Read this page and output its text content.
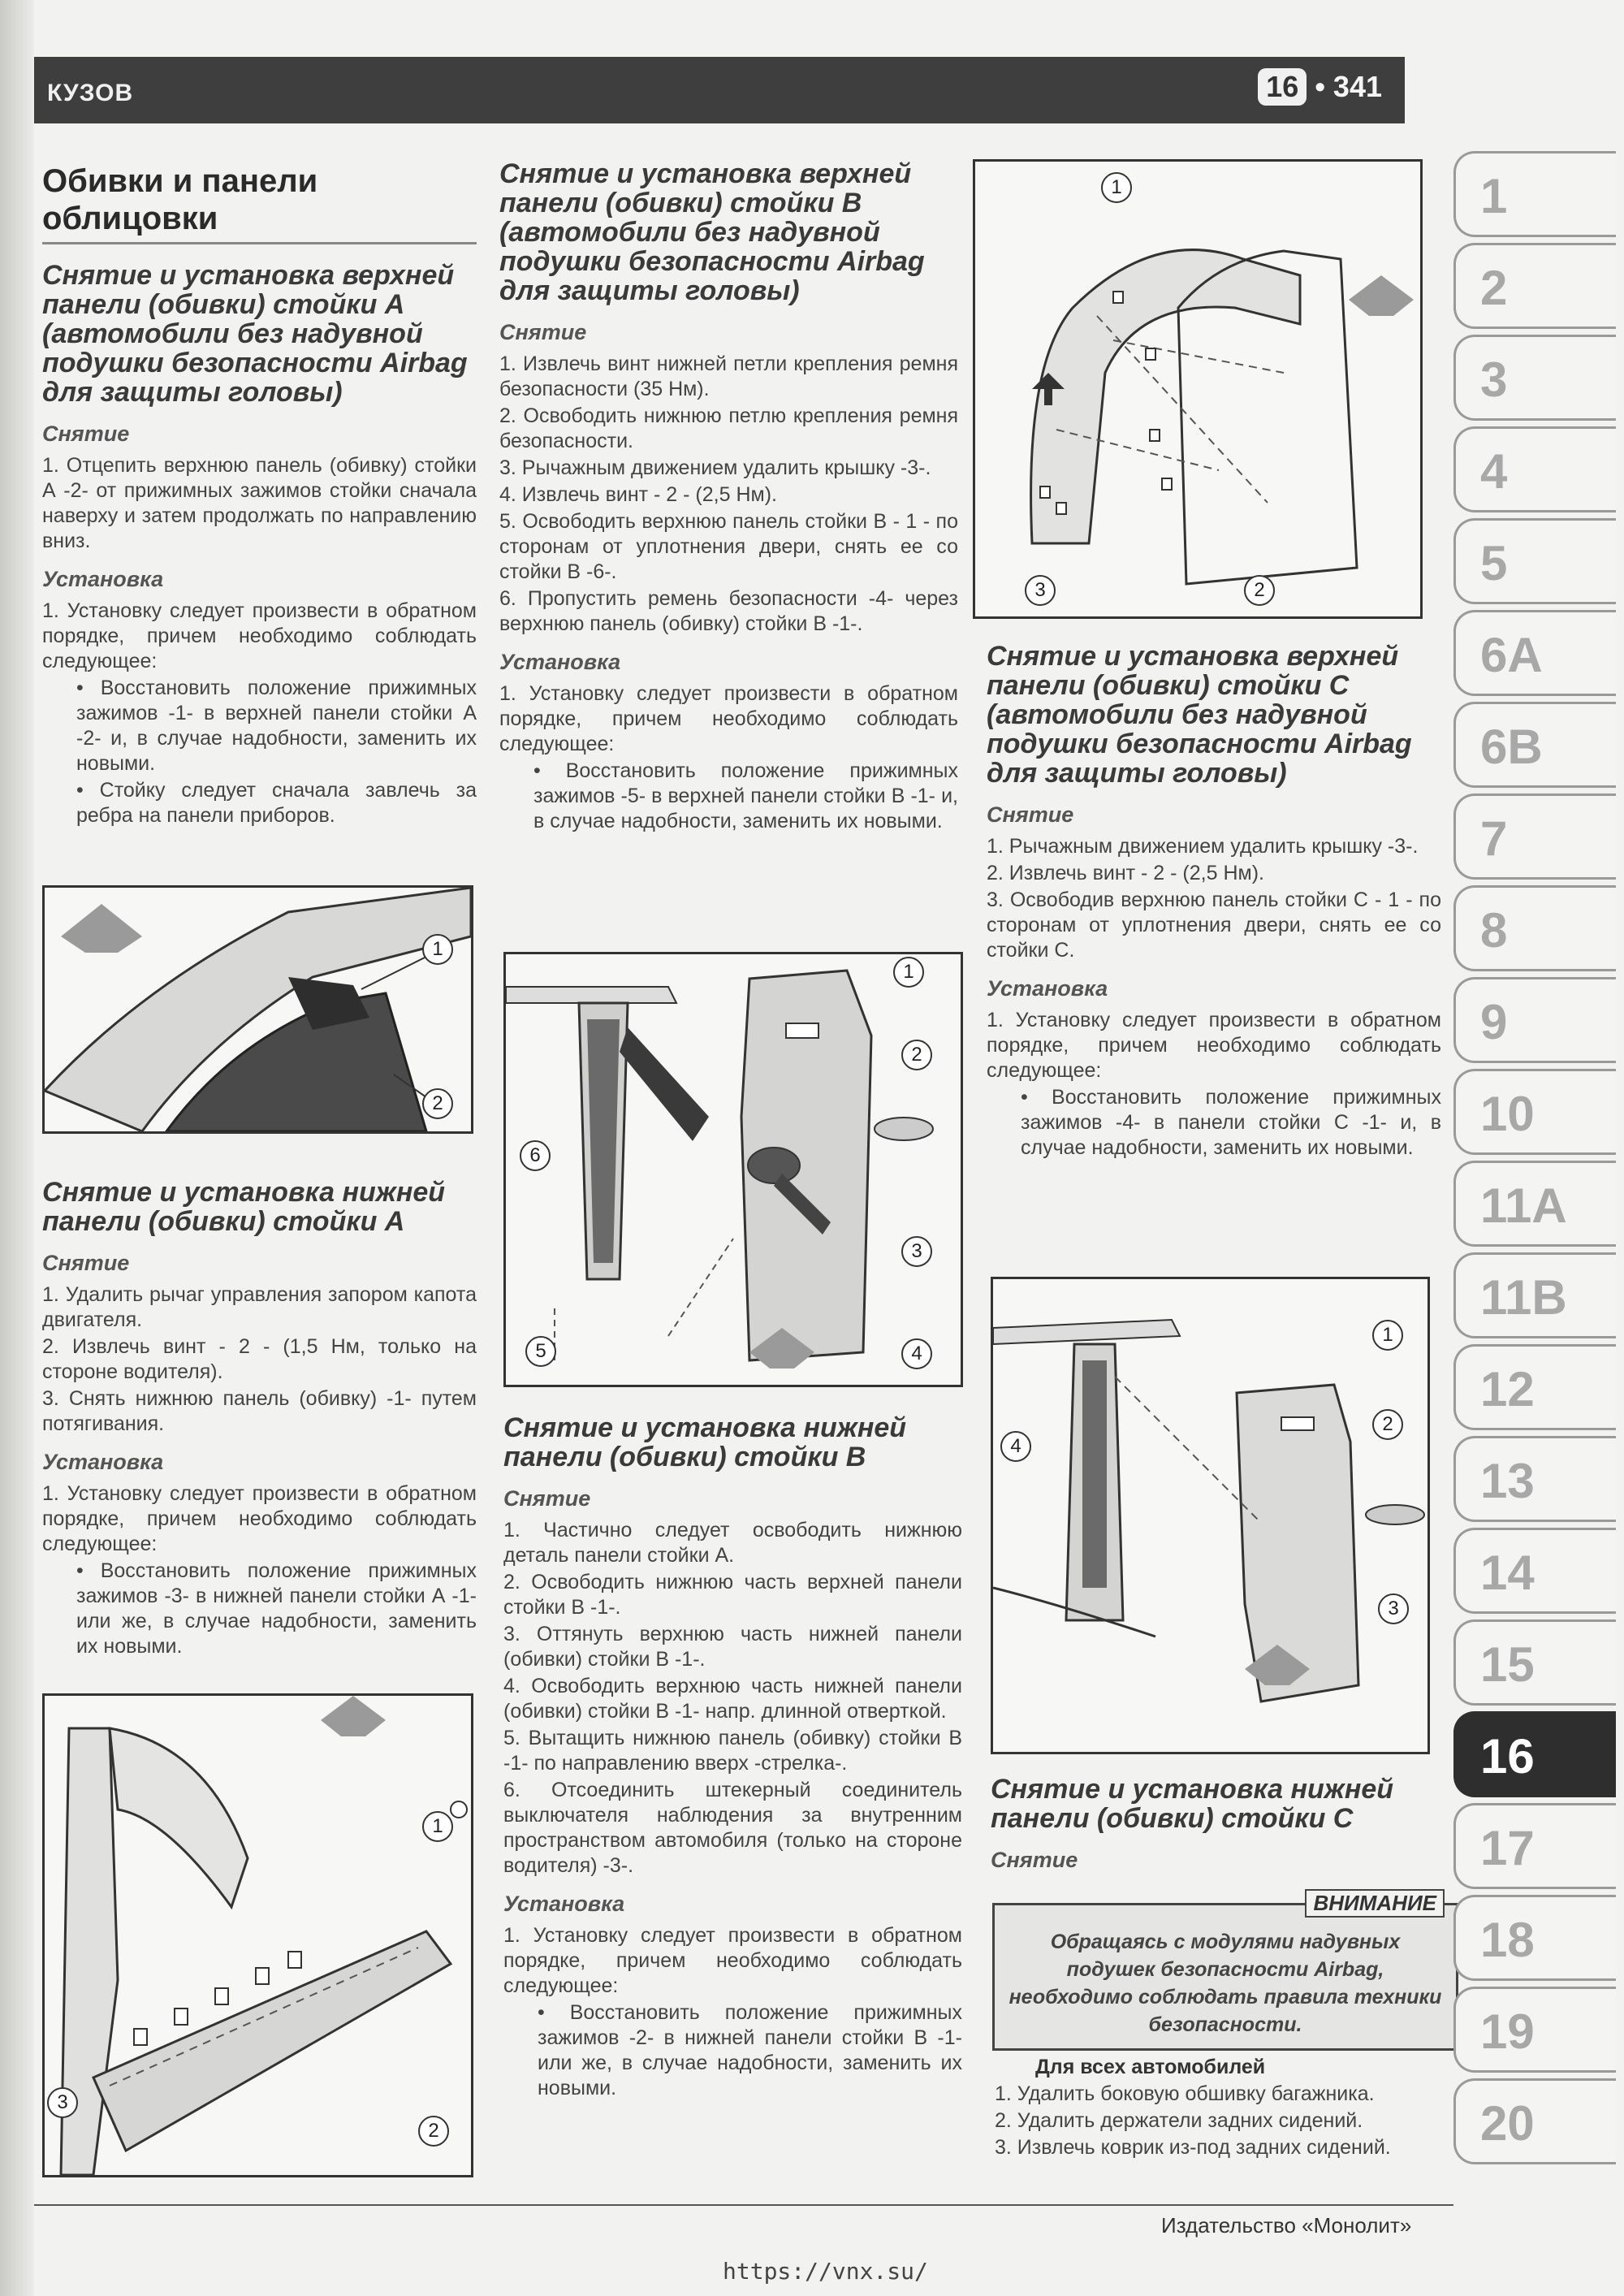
КУЗОВ	16 • 341
Обивки и панели
облицовки
Снятие и установка верхней панели (обивки) стойки А (автомобили без надувной подушки безопасности Airbag для защиты головы)
Снятие

1. Отцепить верхнюю панель (обивку) стойки А -2- от прижимных зажимов стойки сначала наверху и затем продолжать по направлению вниз.

Установка

1. Установку следует произвести в обратном порядке, причем необходимо соблюдать следующее:

• Восстановить положение прижимных зажимов -1- в верхней панели стойки А -2- и, в случае надобности, заменить их новыми.

• Стойку следует сначала завлечь за ребра на панели приборов.

1
2
Снятие и установка нижней панели (обивки) стойки А
Снятие

1. Удалить рычаг управления запором капота двигателя.

2. Извлечь винт - 2 - (1,5 Нм, только на стороне водителя).

3. Снять нижнюю панель (обивку) -1- путем потягивания.

Установка

1. Установку следует произвести в обратном порядке, причем необходимо соблюдать следующее:

• Восстановить положение прижимных зажимов -3- в нижней панели стойки А -1- или же, в случае надобности, заменить их новыми.

1
3
2
Снятие и установка верхней панели (обивки) стойки В (автомобили без надувной подушки безопасности Airbag для защиты головы)
Снятие

1. Извлечь винт нижней петли крепления ремня безопасности (35 Нм).

2. Освободить нижнюю петлю крепления ремня безопасности.

3. Рычажным движением удалить крышку -3-.

4. Извлечь винт - 2 - (2,5 Нм).

5. Освободить верхнюю панель стойки В - 1 - по сторонам от уплотнения двери, снять ее со стойки В -6-.

6. Пропустить ремень безопасности -4- через верхнюю панель (обивку) стойки В -1-.

Установка

1. Установку следует произвести в обратном порядке, причем необходимо соблюдать следующее:

• Восстановить положение прижимных зажимов -5- в верхней панели стойки В -1- и, в случае надобности, заменить их новыми.

1
2
6
3
5	4
Снятие и установка нижней панели (обивки) стойки В
Снятие

1. Частично следует освободить нижнюю деталь панели стойки А.

2. Освободить нижнюю часть верхней панели стойки В -1-.

3. Оттянуть верхнюю часть нижней панели (обивки) стойки В -1-.

4. Освободить верхнюю часть нижней панели (обивки) стойки В -1- напр. длинной отверткой.

5. Вытащить нижнюю панель (обивку) стойки В -1- по направлению вверх -стрелка-.

6. Отсоединить штекерный соединитель выключателя наблюдения за внутренним пространством автомобиля (только на стороне водителя) -3-.

Установка

1. Установку следует произвести в обратном порядке, причем необходимо соблюдать следующее:

• Восстановить положение прижимных зажимов -2- в нижней панели стойки В -1- или же, в случае надобности, заменить их новыми.

1
3	2
Снятие и установка верхней панели (обивки) стойки С (автомобили без надувной подушки безопасности Airbag для защиты головы)
Снятие

1. Рычажным движением удалить крышку -3-.

2. Извлечь винт - 2 - (2,5 Нм).

3. Освободив верхнюю панель стойки С - 1 - по сторонам от уплотнения двери, снять ее со стойки С.

Установка

1. Установку следует произвести в обратном порядке, причем необходимо соблюдать следующее:

• Восстановить положение прижимных зажимов -4- в панели стойки С -1- и, в случае надобности, заменить их новыми.

1
4
2
3
Снятие и установка нижней панели (обивки) стойки С
Снятие
ВНИМАНИЕ

Обращаясь с модулями надувных подушек безопасности Airbag, необходимо соблюдать правила техники безопасности.

Для всех автомобилей

1. Удалить боковую обшивку багажника.

2. Удалить держатели задних сидений.

3. Извлечь коврик из-под задних сидений.

1
2
3
4
5
6A
6B
7
8
9
10
11A
11B
12
13
14
15
16
17
18
19
20
Издательство «Монолит»
https://vnx.su/
